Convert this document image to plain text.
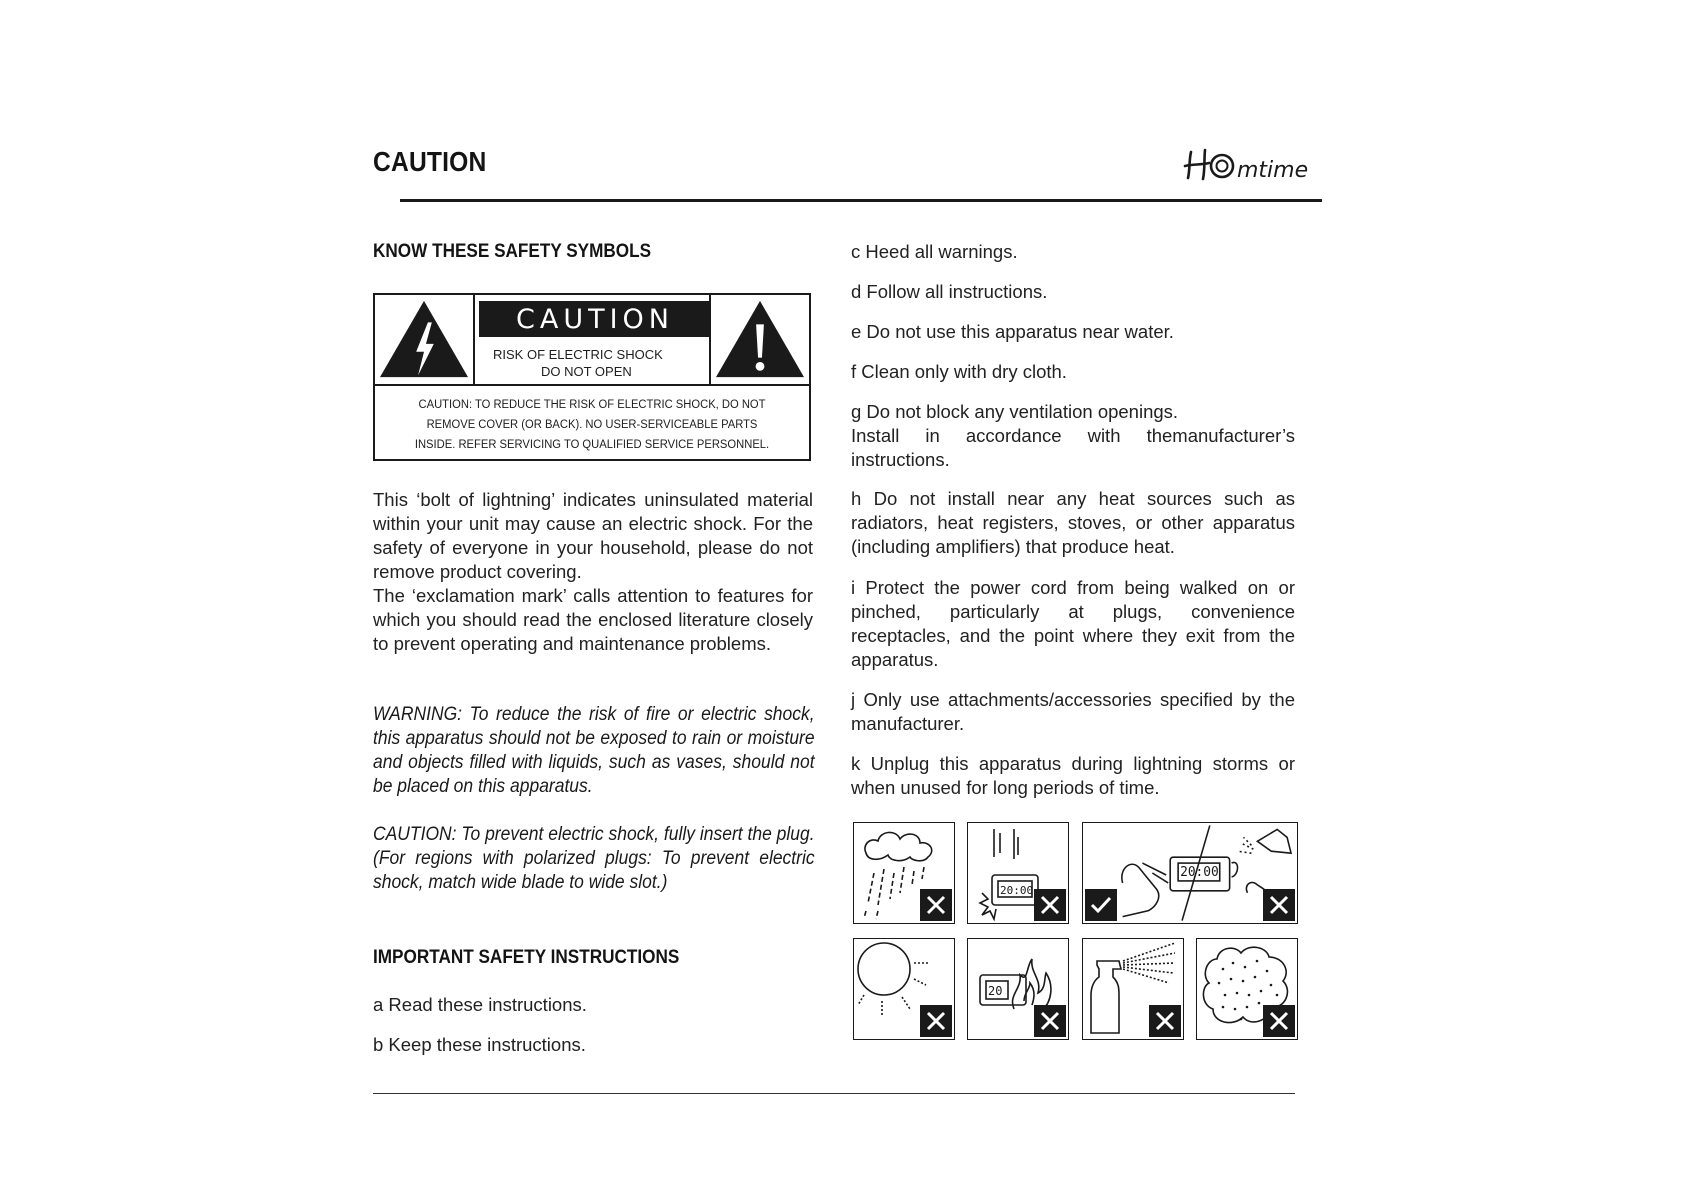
CAUTION	mtime
KNOW THESE SAFETY SYMBOLS
CAUTION
RISK OF ELECTRIC SHOCK
DO NOT OPEN
CAUTION: TO REDUCE THE RISK OF ELECTRIC SHOCK, DO NOT
REMOVE COVER (OR BACK). NO USER-SERVICEABLE PARTS
INSIDE. REFER SERVICING TO QUALIFIED SERVICE PERSONNEL.
This ‘bolt of lightning’ indicates uninsulated material within your unit may cause an electric shock. For the safety of everyone in your household, please do not remove product covering.
The ‘exclamation mark’ calls attention to features for which you should read the enclosed literature closely to prevent operating and maintenance problems.
WARNING: To reduce the risk of fire or electric shock, this apparatus should not be exposed to rain or moisture and objects filled with liquids, such as vases, should not be placed on this apparatus.
CAUTION: To prevent electric shock, fully insert the plug. (For regions with polarized plugs: To prevent electric shock, match wide blade to wide slot.)
IMPORTANT SAFETY INSTRUCTIONS
a Read these instructions.
b Keep these instructions.
c Heed all warnings.
d Follow all instructions.
e Do not use this apparatus near water.
f Clean only with dry cloth.
g Do not block any ventilation openings.
Install in accordance with themanufacturer’s instructions.
h Do not install near any heat sources such as radiators, heat registers, stoves, or other apparatus (including amplifiers) that produce heat.
i Protect the power cord from being walked on or pinched, particularly at plugs, convenience receptacles, and the point where they exit from the apparatus.
j Only use attachments/accessories specified by the manufacturer.
k Unplug this apparatus during lightning storms or when unused for long periods of time.
20:00
20:00
20
